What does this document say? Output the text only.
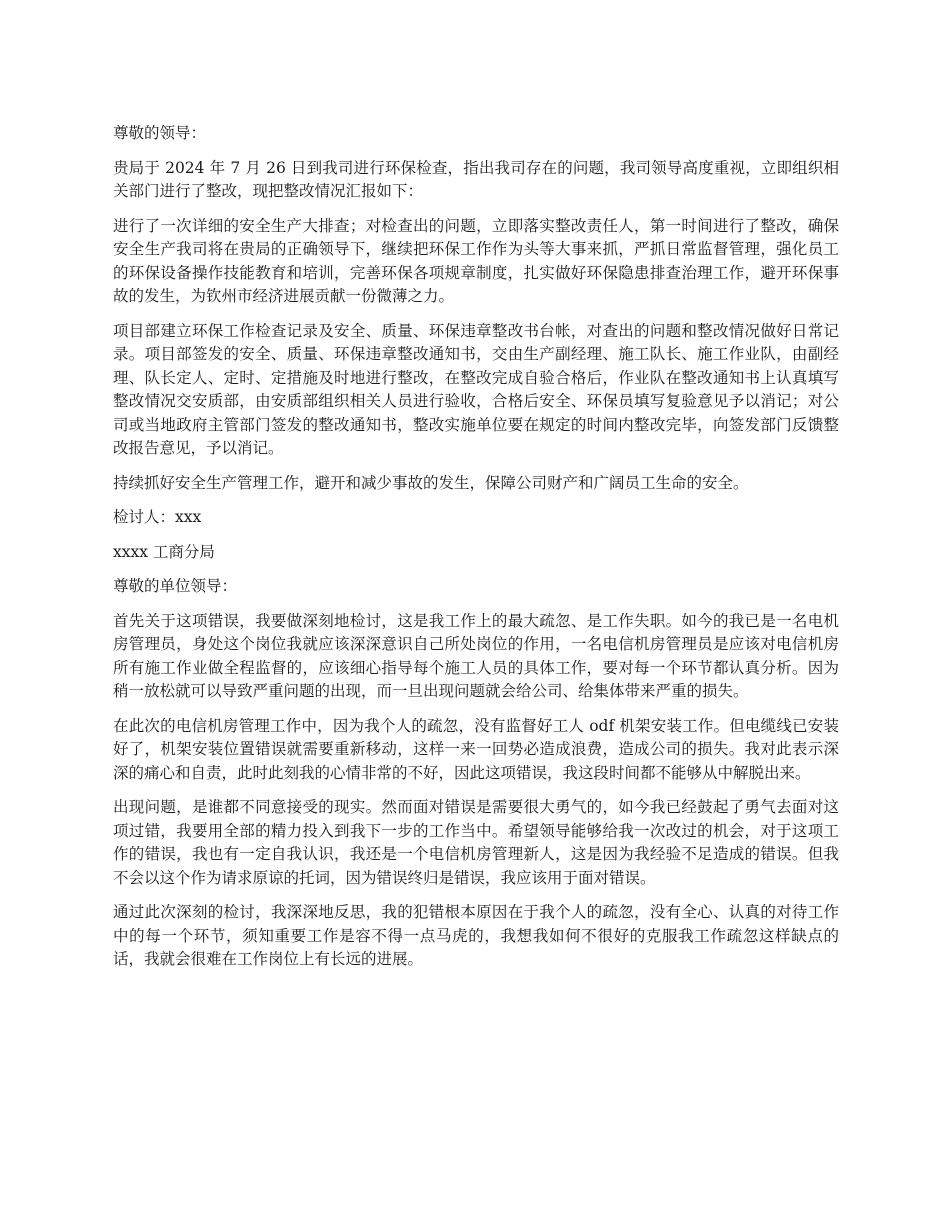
尊敬的领导：

贵局于 2024 年 7 月 26 日到我司进行环保检查，指出我司存在的问题，我司领导高度重视，立即组织相关部门进行了整改，现把整改情况汇报如下：

进行了一次详细的安全生产大排查；对检查出的问题，立即落实整改责任人，第一时间进行了整改，确保安全生产我司将在贵局的正确领导下，继续把环保工作作为头等大事来抓，严抓日常监督管理，强化员工的环保设备操作技能教育和培训，完善环保各项规章制度，扎实做好环保隐患排查治理工作，避开环保事故的发生，为钦州市经济进展贡献一份微薄之力。

项目部建立环保工作检查记录及安全、质量、环保违章整改书台帐，对查出的问题和整改情况做好日常记录。项目部签发的安全、质量、环保违章整改通知书，交由生产副经理、施工队长、施工作业队，由副经理、队长定人、定时、定措施及时地进行整改，在整改完成自验合格后，作业队在整改通知书上认真填写整改情况交安质部，由安质部组织相关人员进行验收，合格后安全、环保员填写复验意见予以消记；对公司或当地政府主管部门签发的整改通知书，整改实施单位要在规定的时间内整改完毕，向签发部门反馈整改报告意见，予以消记。

持续抓好安全生产管理工作，避开和减少事故的发生，保障公司财产和广阔员工生命的安全。

检讨人：xxx

xxxx 工商分局

尊敬的单位领导：

首先关于这项错误，我要做深刻地检讨，这是我工作上的最大疏忽、是工作失职。如今的我已是一名电机房管理员，身处这个岗位我就应该深深意识自己所处岗位的作用，一名电信机房管理员是应该对电信机房所有施工作业做全程监督的，应该细心指导每个施工人员的具体工作，要对每一个环节都认真分析。因为稍一放松就可以导致严重问题的出现，而一旦出现问题就会给公司、给集体带来严重的损失。

在此次的电信机房管理工作中，因为我个人的疏忽，没有监督好工人 odf 机架安装工作。但电缆线已安装好了，机架安装位置错误就需要重新移动，这样一来一回势必造成浪费，造成公司的损失。我对此表示深深的痛心和自责，此时此刻我的心情非常的不好，因此这项错误，我这段时间都不能够从中解脱出来。

出现问题，是谁都不同意接受的现实。然而面对错误是需要很大勇气的，如今我已经鼓起了勇气去面对这项过错，我要用全部的精力投入到我下一步的工作当中。希望领导能够给我一次改过的机会，对于这项工作的错误，我也有一定自我认识，我还是一个电信机房管理新人，这是因为我经验不足造成的错误。但我不会以这个作为请求原谅的托词，因为错误终归是错误，我应该用于面对错误。

通过此次深刻的检讨，我深深地反思，我的犯错根本原因在于我个人的疏忽，没有全心、认真的对待工作中的每一个环节，须知重要工作是容不得一点马虎的，我想我如何不很好的克服我工作疏忽这样缺点的话，我就会很难在工作岗位上有长远的进展。
